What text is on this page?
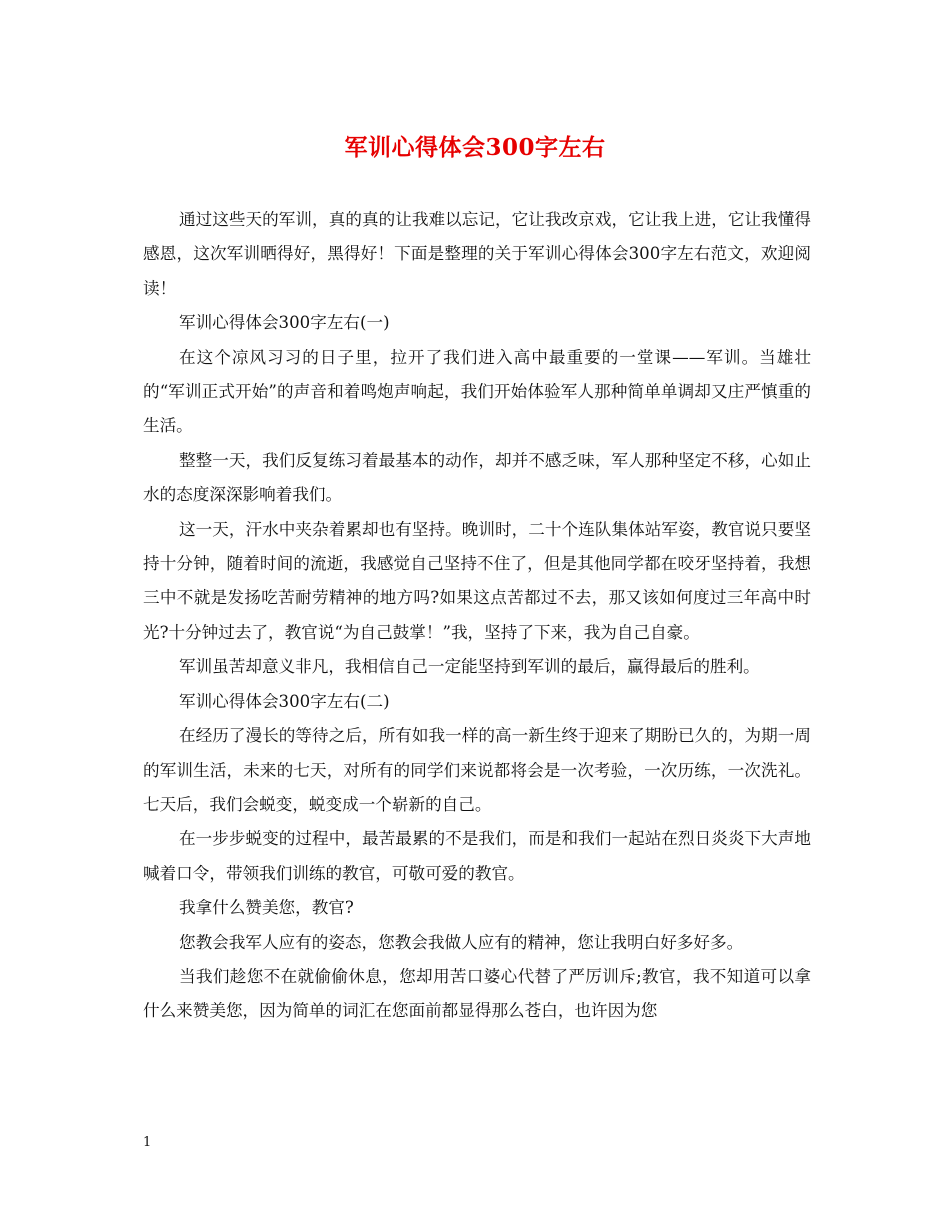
军训心得体会300字左右

通过这些天的军训，真的真的让我难以忘记，它让我改京戏，它让我上进，它让我懂得感恩，这次军训晒得好，黑得好！下面是整理的关于军训心得体会300字左右范文，欢迎阅读！

军训心得体会300字左右(一)

在这个凉风习习的日子里，拉开了我们进入高中最重要的一堂课——军训。当雄壮的“军训正式开始”的声音和着鸣炮声响起，我们开始体验军人那种简单单调却又庄严慎重的生活。

整整一天，我们反复练习着最基本的动作，却并不感乏味，军人那种坚定不移，心如止水的态度深深影响着我们。

这一天，汗水中夹杂着累却也有坚持。晚训时，二十个连队集体站军姿，教官说只要坚持十分钟，随着时间的流逝，我感觉自己坚持不住了，但是其他同学都在咬牙坚持着，我想三中不就是发扬吃苦耐劳精神的地方吗?如果这点苦都过不去，那又该如何度过三年高中时光?十分钟过去了，教官说“为自己鼓掌！”我，坚持了下来，我为自己自豪。

军训虽苦却意义非凡，我相信自己一定能坚持到军训的最后，赢得最后的胜利。

军训心得体会300字左右(二)

在经历了漫长的等待之后，所有如我一样的高一新生终于迎来了期盼已久的，为期一周的军训生活，未来的七天，对所有的同学们来说都将会是一次考验，一次历练，一次洗礼。七天后，我们会蜕变，蜕变成一个崭新的自己。

在一步步蜕变的过程中，最苦最累的不是我们，而是和我们一起站在烈日炎炎下大声地喊着口令，带领我们训练的教官，可敬可爱的教官。

我拿什么赞美您，教官?

您教会我军人应有的姿态，您教会我做人应有的精神，您让我明白好多好多。

当我们趁您不在就偷偷休息，您却用苦口婆心代替了严厉训斥;教官，我不知道可以拿什么来赞美您，因为简单的词汇在您面前都显得那么苍白，也许因为您

1
